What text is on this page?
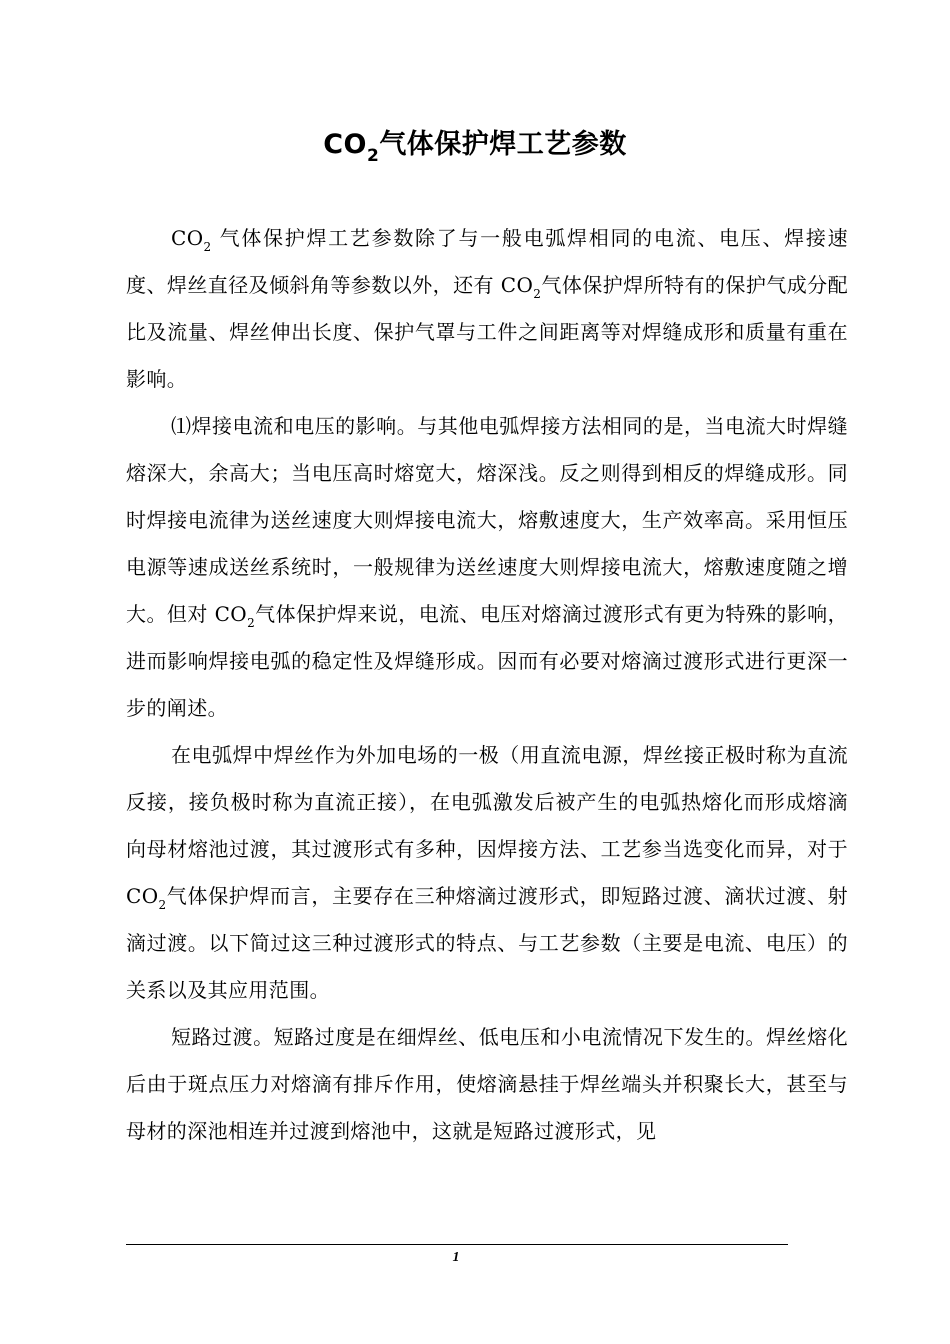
$CO_2$气体保护焊工艺参数

$CO_2$ 气体保护焊工艺参数除了与一般电弧焊相同的电流、电压、焊接速度、焊丝直径及倾斜角等参数以外，还有 $CO_2$气体保护焊所特有的保护气成分配比及流量、焊丝伸出长度、保护气罩与工件之间距离等对焊缝成形和质量有重在影响。

⑴焊接电流和电压的影响。与其他电弧焊接方法相同的是，当电流大时焊缝熔深大，余高大；当电压高时熔宽大，熔深浅。反之则得到相反的焊缝成形。同时焊接电流律为送丝速度大则焊接电流大，熔敷速度大，生产效率高。采用恒压电源等速成送丝系统时，一般规律为送丝速度大则焊接电流大，熔敷速度随之增大。但对 $CO_2$气体保护焊来说，电流、电压对熔滴过渡形式有更为特殊的影响，进而影响焊接电弧的稳定性及焊缝形成。因而有必要对熔滴过渡形式进行更深一步的阐述。

在电弧焊中焊丝作为外加电场的一极（用直流电源，焊丝接正极时称为直流反接，接负极时称为直流正接），在电弧激发后被产生的电弧热熔化而形成熔滴向母材熔池过渡，其过渡形式有多种，因焊接方法、工艺参当选变化而异，对于 $CO_2$气体保护焊而言，主要存在三种熔滴过渡形式，即短路过渡、滴状过渡、射滴过渡。以下简过这三种过渡形式的特点、与工艺参数（主要是电流、电压）的关系以及其应用范围。

短路过渡。短路过度是在细焊丝、低电压和小电流情况下发生的。焊丝熔化后由于斑点压力对熔滴有排斥作用，使熔滴悬挂于焊丝端头并积聚长大，甚至与母材的深池相连并过渡到熔池中，这就是短路过渡形式，见

1
